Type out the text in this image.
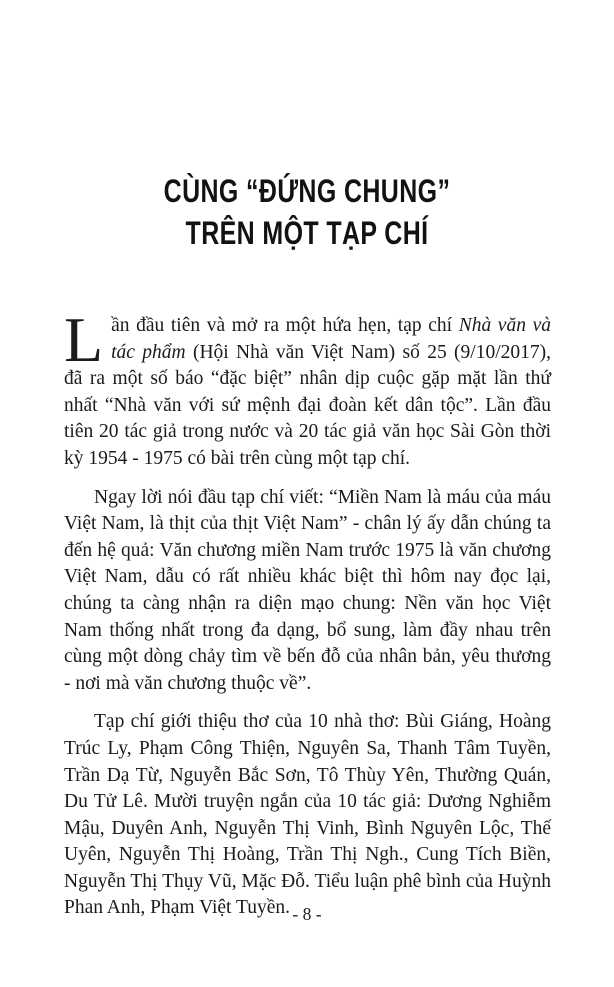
CÙNG “ĐỨNG CHUNG”
TRÊN MỘT TẠP CHÍ

Lần đầu tiên và mở ra một hứa hẹn, tạp chí Nhà văn và tác phẩm (Hội Nhà văn Việt Nam) số 25 (9/10/2017), đã ra một số báo “đặc biệt” nhân dịp cuộc gặp mặt lần thứ nhất “Nhà văn với sứ mệnh đại đoàn kết dân tộc”. Lần đầu tiên 20 tác giả trong nước và 20 tác giả văn học Sài Gòn thời kỳ 1954 - 1975 có bài trên cùng một tạp chí.

Ngay lời nói đầu tạp chí viết: “Miền Nam là máu của máu Việt Nam, là thịt của thịt Việt Nam” - chân lý ấy dẫn chúng ta đến hệ quả: Văn chương miền Nam trước 1975 là văn chương Việt Nam, dẫu có rất nhiều khác biệt thì hôm nay đọc lại, chúng ta càng nhận ra diện mạo chung: Nền văn học Việt Nam thống nhất trong đa dạng, bổ sung, làm đầy nhau trên cùng một dòng chảy tìm về bến đỗ của nhân bản, yêu thương - nơi mà văn chương thuộc về”.

Tạp chí giới thiệu thơ của 10 nhà thơ: Bùi Giáng, Hoàng Trúc Ly, Phạm Công Thiện, Nguyên Sa, Thanh Tâm Tuyền, Trần Dạ Từ, Nguyễn Bắc Sơn, Tô Thùy Yên, Thường Quán, Du Tử Lê. Mười truyện ngắn của 10 tác giả: Dương Nghiễm Mậu, Duyên Anh, Nguyễn Thị Vinh, Bình Nguyên Lộc, Thế Uyên, Nguyễn Thị Hoàng, Trần Thị Ngh., Cung Tích Biền, Nguyễn Thị Thụy Vũ, Mặc Đỗ. Tiểu luận phê bình của Huỳnh Phan Anh, Phạm Việt Tuyền. - 8 -
